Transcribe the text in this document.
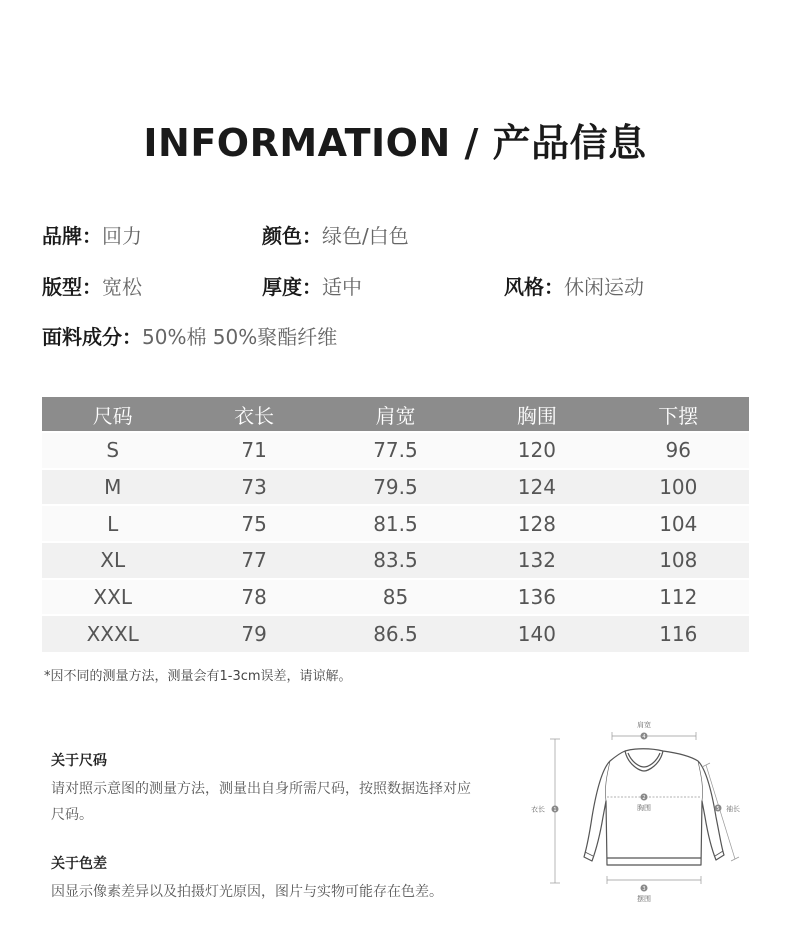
INFORMATION / 产品信息
品牌：回力	颜色：绿色/白色
版型：宽松	厚度：适中	风格：休闲运动
面料成分：50%棉 50%聚酯纤维
尺码	衣长	肩宽	胸围	下摆
S	71	77.5	120	96
M	73	79.5	124	100
L	75	81.5	128	104
XL	77	83.5	132	108
XXL	78	85	136	112
XXXL	79	86.5	140	116
*因不同的测量方法，测量会有1-3cm误差，请谅解。
关于尺码
请对照示意图的测量方法，测量出自身所需尺码，按照数据选择对应尺码。
关于色差
因显示像素差异以及拍摄灯光原因，图片与实物可能存在色差。
4
肩宽
1
衣长
2
胸围	5 袖长
3
摆围
